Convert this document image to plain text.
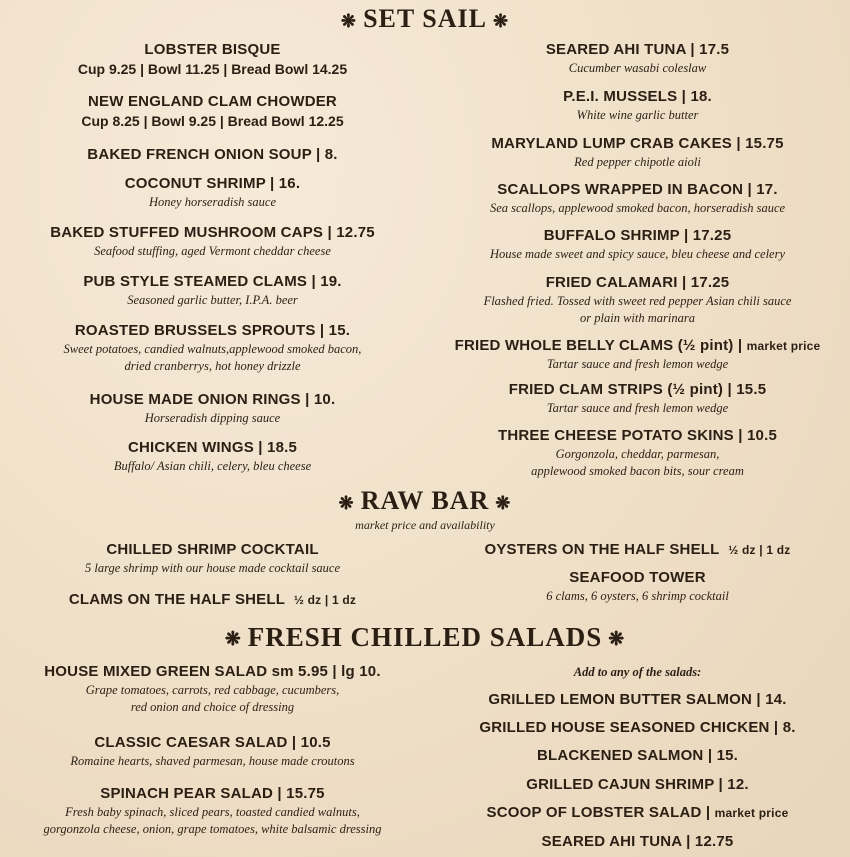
❋ SET SAIL ❋
LOBSTER BISQUE
Cup 9.25 | Bowl 11.25 | Bread Bowl 14.25
NEW ENGLAND CLAM CHOWDER
Cup 8.25 | Bowl 9.25 | Bread Bowl 12.25
BAKED FRENCH ONION SOUP | 8.
COCONUT SHRIMP | 16.
Honey horseradish sauce
BAKED STUFFED MUSHROOM CAPS | 12.75
Seafood stuffing, aged Vermont cheddar cheese
PUB STYLE STEAMED CLAMS | 19.
Seasoned garlic butter, I.P.A. beer
ROASTED BRUSSELS SPROUTS | 15.
Sweet potatoes, candied walnuts,applewood smoked bacon,
dried cranberrys, hot honey drizzle
HOUSE MADE ONION RINGS | 10.
Horseradish dipping sauce
CHICKEN WINGS | 18.5
Buffalo/ Asian chili, celery, bleu cheese
SEARED AHI TUNA | 17.5
Cucumber wasabi coleslaw
P.E.I. MUSSELS | 18.
White wine garlic butter
MARYLAND LUMP CRAB CAKES | 15.75
Red pepper chipotle aioli
SCALLOPS WRAPPED IN BACON | 17.
Sea scallops, applewood smoked bacon, horseradish sauce
BUFFALO SHRIMP | 17.25
House made sweet and spicy sauce, bleu cheese and celery
FRIED CALAMARI | 17.25
Flashed fried. Tossed with sweet red pepper Asian chili sauce
or plain with marinara
FRIED WHOLE BELLY CLAMS (½ pint) | market price
Tartar sauce and fresh lemon wedge
FRIED CLAM STRIPS (½ pint) | 15.5
Tartar sauce and fresh lemon wedge
THREE CHEESE POTATO SKINS | 10.5
Gorgonzola, cheddar, parmesan,
applewood smoked bacon bits, sour cream
❋ RAW BAR ❋
market price and availability
CHILLED SHRIMP COCKTAIL
5 large shrimp with our house made cocktail sauce
CLAMS ON THE HALF SHELL ½ dz | 1 dz
OYSTERS ON THE HALF SHELL ½ dz | 1 dz
SEAFOOD TOWER
6 clams, 6 oysters, 6 shrimp cocktail
❋ FRESH CHILLED SALADS ❋
HOUSE MIXED GREEN SALAD sm 5.95 | lg 10.
Grape tomatoes, carrots, red cabbage, cucumbers,
red onion and choice of dressing
CLASSIC CAESAR SALAD | 10.5
Romaine hearts, shaved parmesan, house made croutons
SPINACH PEAR SALAD | 15.75
Fresh baby spinach, sliced pears, toasted candied walnuts,
gorgonzola cheese, onion, grape tomatoes, white balsamic dressing
Add to any of the salads:
GRILLED LEMON BUTTER SALMON | 14.
GRILLED HOUSE SEASONED CHICKEN | 8.
BLACKENED SALMON | 15.
GRILLED CAJUN SHRIMP | 12.
SCOOP OF LOBSTER SALAD | market price
SEARED AHI TUNA | 12.75
